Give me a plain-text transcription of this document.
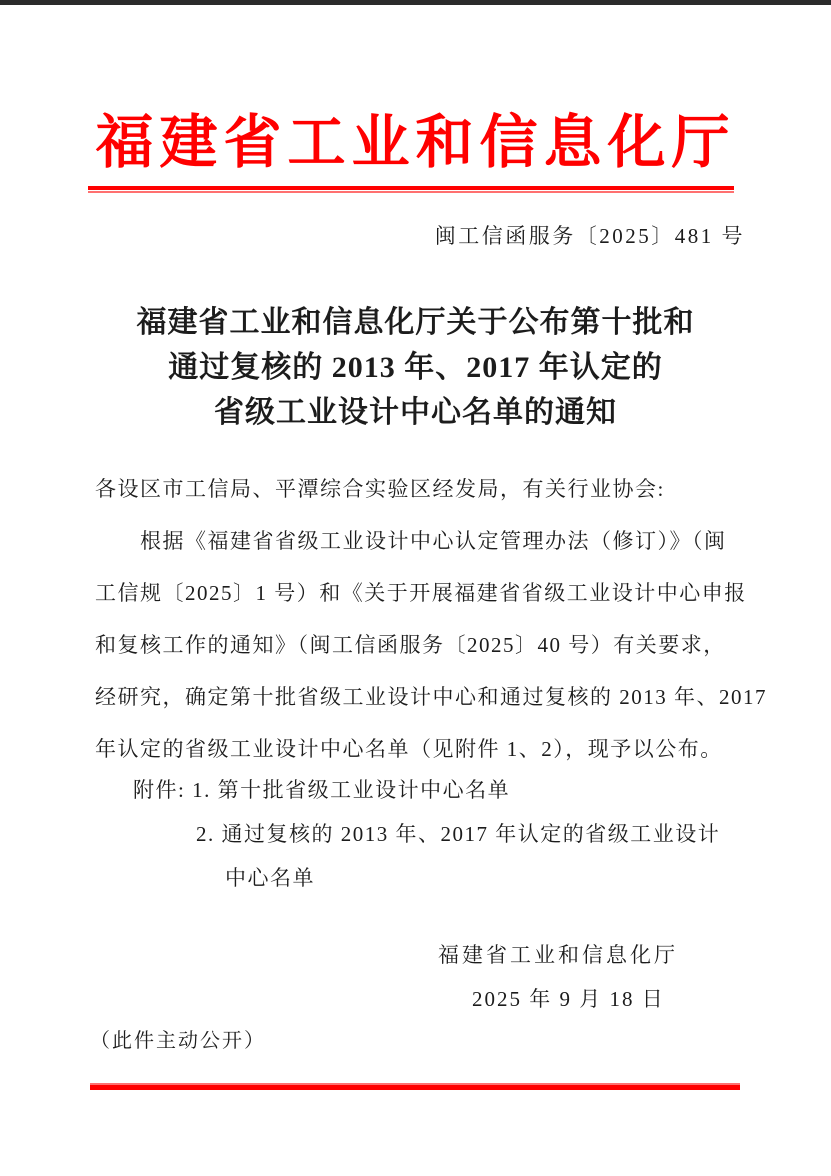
福建省工业和信息化厅
闽工信函服务〔2025〕481 号
福建省工业和信息化厅关于公布第十批和
通过复核的 2013 年、2017 年认定的
省级工业设计中心名单的通知
各设区市工信局、平潭综合实验区经发局，有关行业协会:
根据《福建省省级工业设计中心认定管理办法（修订）》（闽
工信规〔2025〕1 号）和《关于开展福建省省级工业设计中心申报
和复核工作的通知》（闽工信函服务〔2025〕40 号）有关要求，
经研究，确定第十批省级工业设计中心和通过复核的 2013 年、2017
年认定的省级工业设计中心名单（见附件 1、2），现予以公布。
附件: 1. 第十批省级工业设计中心名单
2. 通过复核的 2013 年、2017 年认定的省级工业设计
中心名单
福建省工业和信息化厅
2025 年 9 月 18 日
（此件主动公开）
